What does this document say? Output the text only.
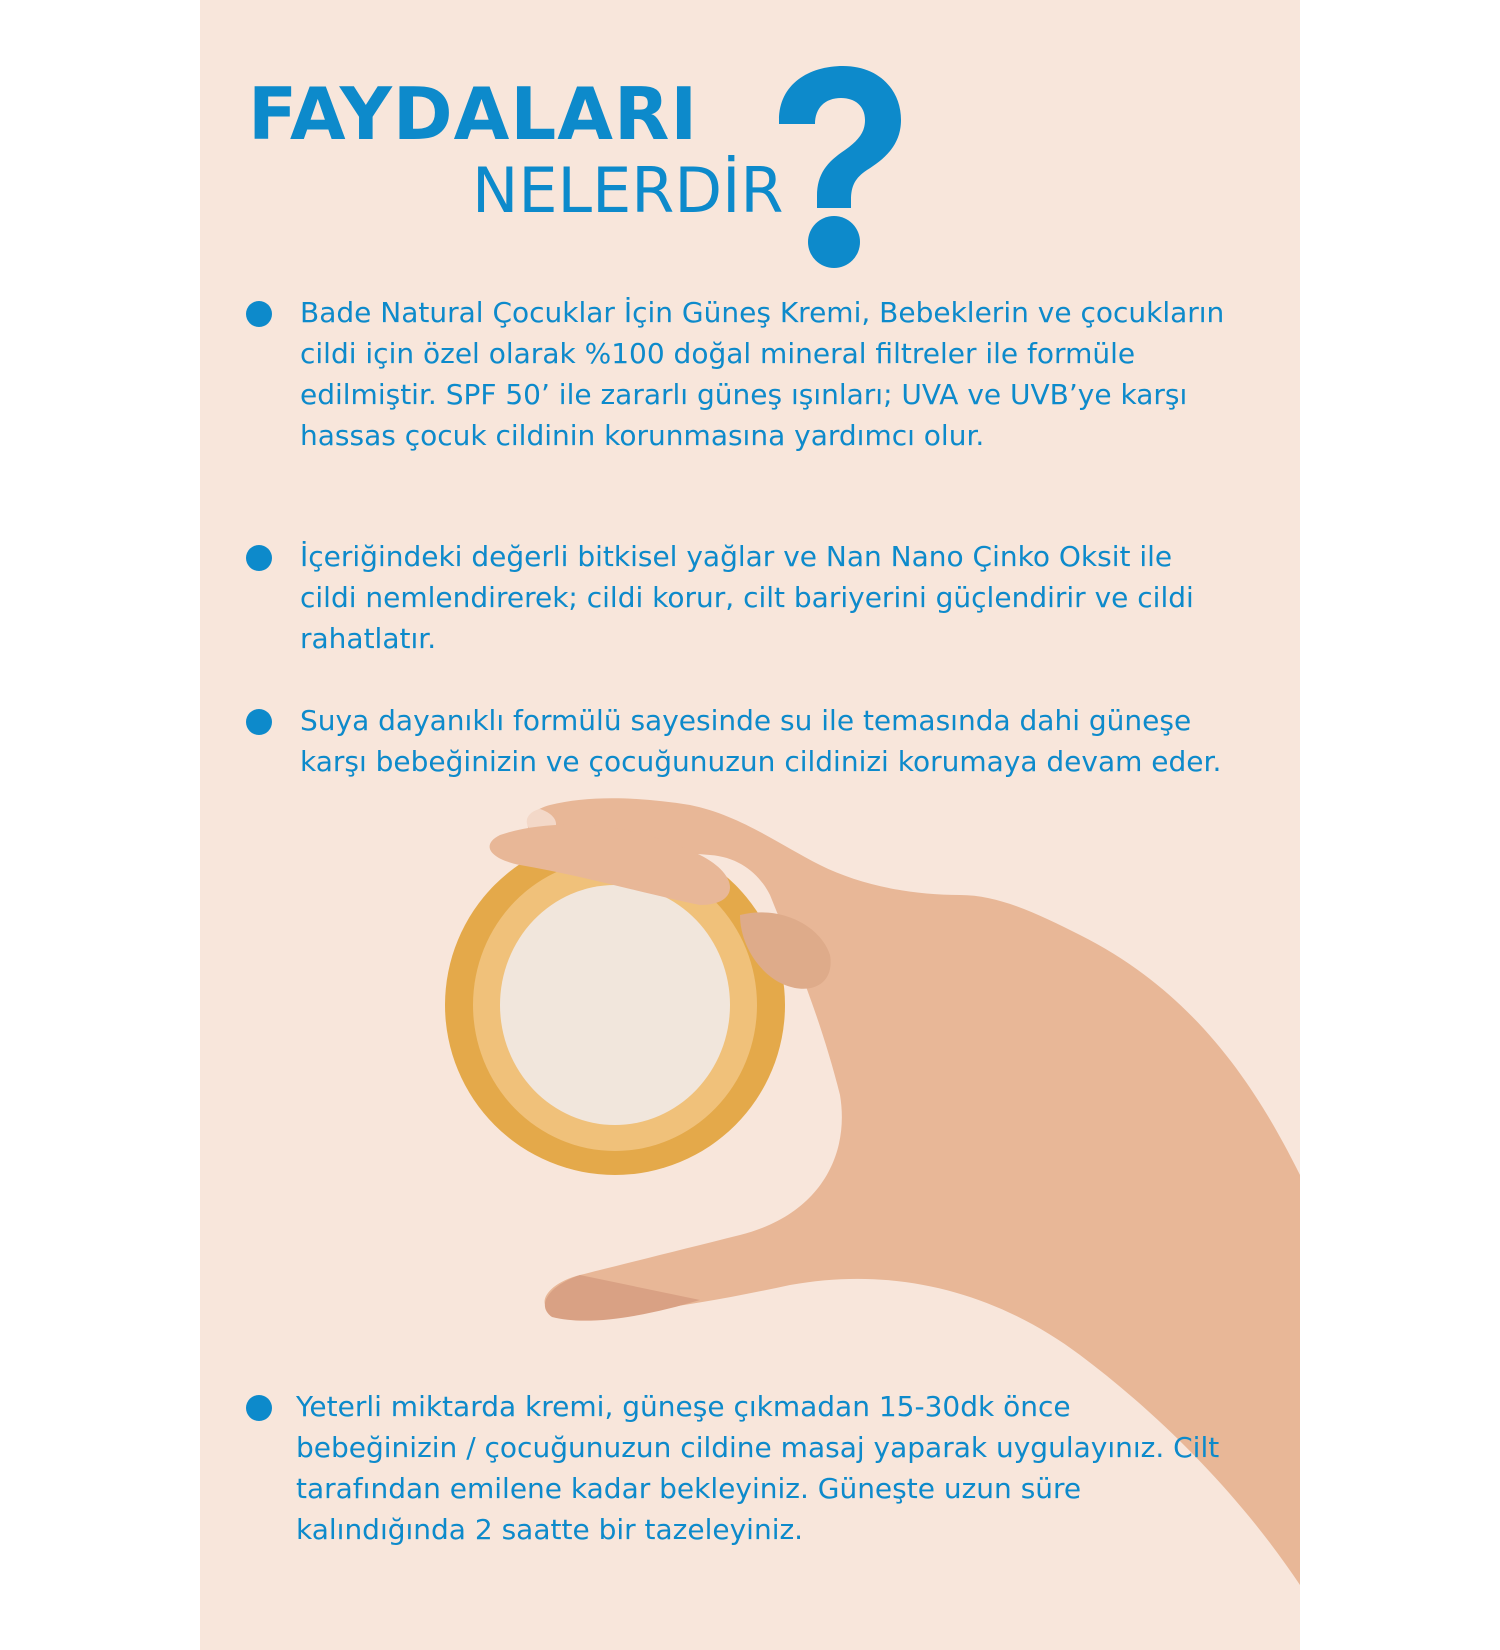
FAYDALARI
NELERDİR
Bade Natural Çocuklar İçin Güneş Kremi, Bebeklerin ve çocukların cildi için özel olarak %100 doğal mineral filtreler ile formüle edilmiştir. SPF 50’ ile zararlı güneş ışınları; UVA ve UVB’ye karşı hassas çocuk cildinin korunmasına yardımcı olur.
İçeriğindeki değerli bitkisel yağlar ve Nan Nano Çinko Oksit ile cildi nemlendirerek; cildi korur, cilt bariyerini güçlendirir ve cildi rahatlatır.
Suya dayanıklı formülü sayesinde su ile temasında dahi güneşe karşı bebeğinizin ve çocuğunuzun cildinizi korumaya devam eder.
Yeterli miktarda kremi, güneşe çıkmadan 15-30dk önce bebeğinizin / çocuğunuzun cildine masaj yaparak uygulayınız. Cilt tarafından emilene kadar bekleyiniz. Güneşte uzun süre kalındığında 2 saatte bir tazeleyiniz.
